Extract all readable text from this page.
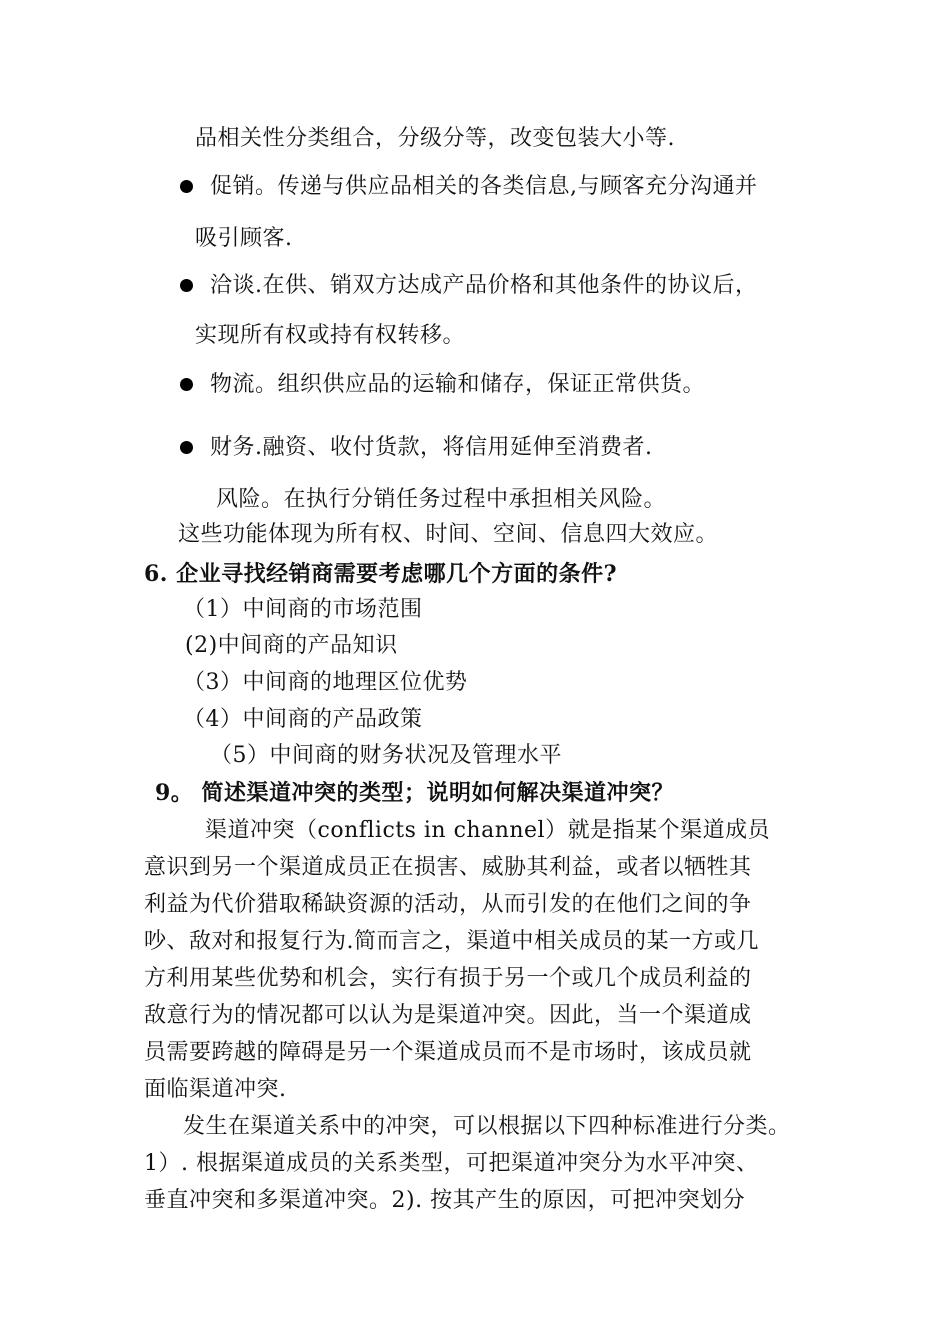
品相关性分类组合，分级分等，改变包装大小等.
促销。传递与供应品相关的各类信息,与顾客充分沟通并
吸引顾客.
洽谈.在供、销双方达成产品价格和其他条件的协议后，
实现所有权或持有权转移。
物流。组织供应品的运输和储存，保证正常供货。
财务.融资、收付货款，将信用延伸至消费者.
风险。在执行分销任务过程中承担相关风险。
这些功能体现为所有权、时间、空间、信息四大效应。
6. 企业寻找经销商需要考虑哪几个方面的条件?
（1）中间商的市场范围
(2)中间商的产品知识
（3）中间商的地理区位优势
（4）中间商的产品政策
（5）中间商的财务状况及管理水平
9。 简述渠道冲突的类型；说明如何解决渠道冲突？
渠道冲突（conflicts in channel）就是指某个渠道成员
意识到另一个渠道成员正在损害、威胁其利益，或者以牺牲其
利益为代价猎取稀缺资源的活动，从而引发的在他们之间的争
吵、敌对和报复行为.简而言之，渠道中相关成员的某一方或几
方利用某些优势和机会，实行有损于另一个或几个成员利益的
敌意行为的情况都可以认为是渠道冲突。因此，当一个渠道成
员需要跨越的障碍是另一个渠道成员而不是市场时，该成员就
面临渠道冲突.
发生在渠道关系中的冲突，可以根据以下四种标准进行分类。
1）. 根据渠道成员的关系类型，可把渠道冲突分为水平冲突、
垂直冲突和多渠道冲突。2). 按其产生的原因，可把冲突划分
